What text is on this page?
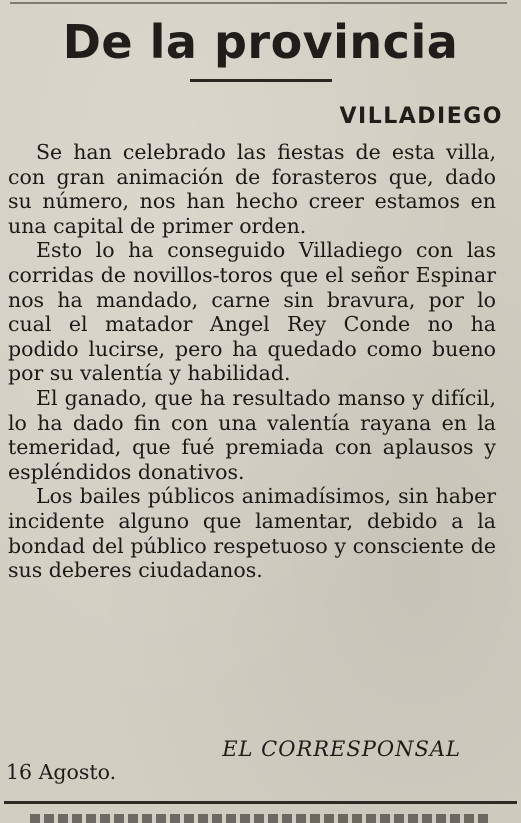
De la provincia
VILLADIEGO

Se han celebrado las fiestas de esta villa, con gran animación de forasteros que, dado su número, nos han hecho creer estamos en una capital de primer orden.

Esto lo ha conseguido Villadiego con las corridas de novillos-toros que el señor Espinar nos ha mandado, carne sin bravura, por lo cual el matador Angel Rey Conde no ha podido lucirse, pero ha quedado como bueno por su valentía y habilidad.

El ganado, que ha resultado manso y difícil, lo ha dado fin con una valentía rayana en la temeridad, que fué premiada con aplausos y espléndidos donativos.

Los bailes públicos animadísimos, sin haber incidente alguno que lamentar, debido a la bondad del público respetuoso y consciente de sus deberes ciudadanos.

EL CORRESPONSAL
16 Agosto.
